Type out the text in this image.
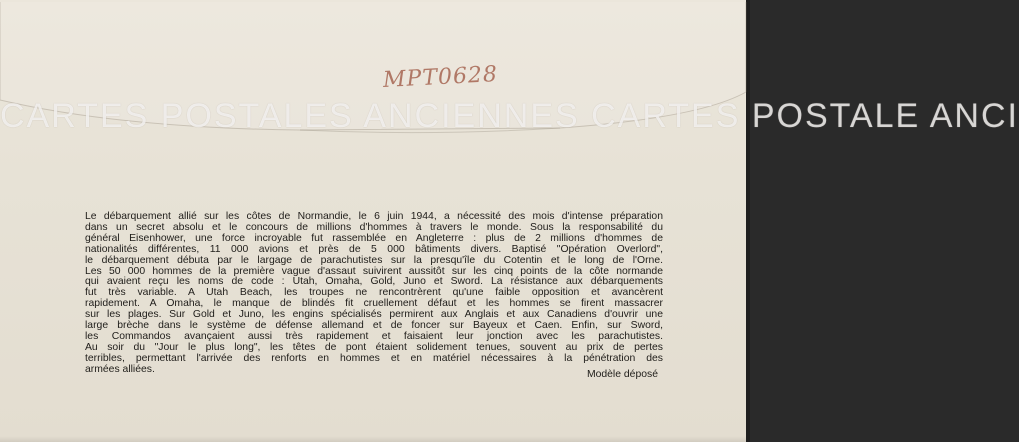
MPT0628
CARTES POSTALES ANCIENNES CARTES POSTALE ANCI
Le débarquement allié sur les côtes de Normandie, le 6 juin 1944, a nécessité des mois d'intense préparation
dans un secret absolu et le concours de millions d'hommes à travers le monde. Sous la responsabilité du
général Eisenhower, une force incroyable fut rassemblée en Angleterre : plus de 2 millions d'hommes de
nationalités différentes, 11 000 avions et près de 5 000 bâtiments divers. Baptisé "Opération Overlord",
le débarquement débuta par le largage de parachutistes sur la presqu'île du Cotentin et le long de l'Orne.
Les 50 000 hommes de la première vague d'assaut suivirent aussitôt sur les cinq points de la côte normande
qui avaient reçu les noms de code : Utah, Omaha, Gold, Juno et Sword. La résistance aux débarquements
fut très variable. A Utah Beach, les troupes ne rencontrèrent qu'une faible opposition et avancèrent
rapidement. A Omaha, le manque de blindés fit cruellement défaut et les hommes se firent massacrer
sur les plages. Sur Gold et Juno, les engins spécialisés permirent aux Anglais et aux Canadiens d'ouvrir une
large brèche dans le système de défense allemand et de foncer sur Bayeux et Caen. Enfin, sur Sword,
les Commandos avançaient aussi très rapidement et faisaient leur jonction avec les parachutistes.
Au soir du "Jour le plus long", les têtes de pont étaient solidement tenues, souvent au prix de pertes
terribles, permettant l'arrivée des renforts en hommes et en matériel nécessaires à la pénétration des
armées alliées.	Modèle déposé
